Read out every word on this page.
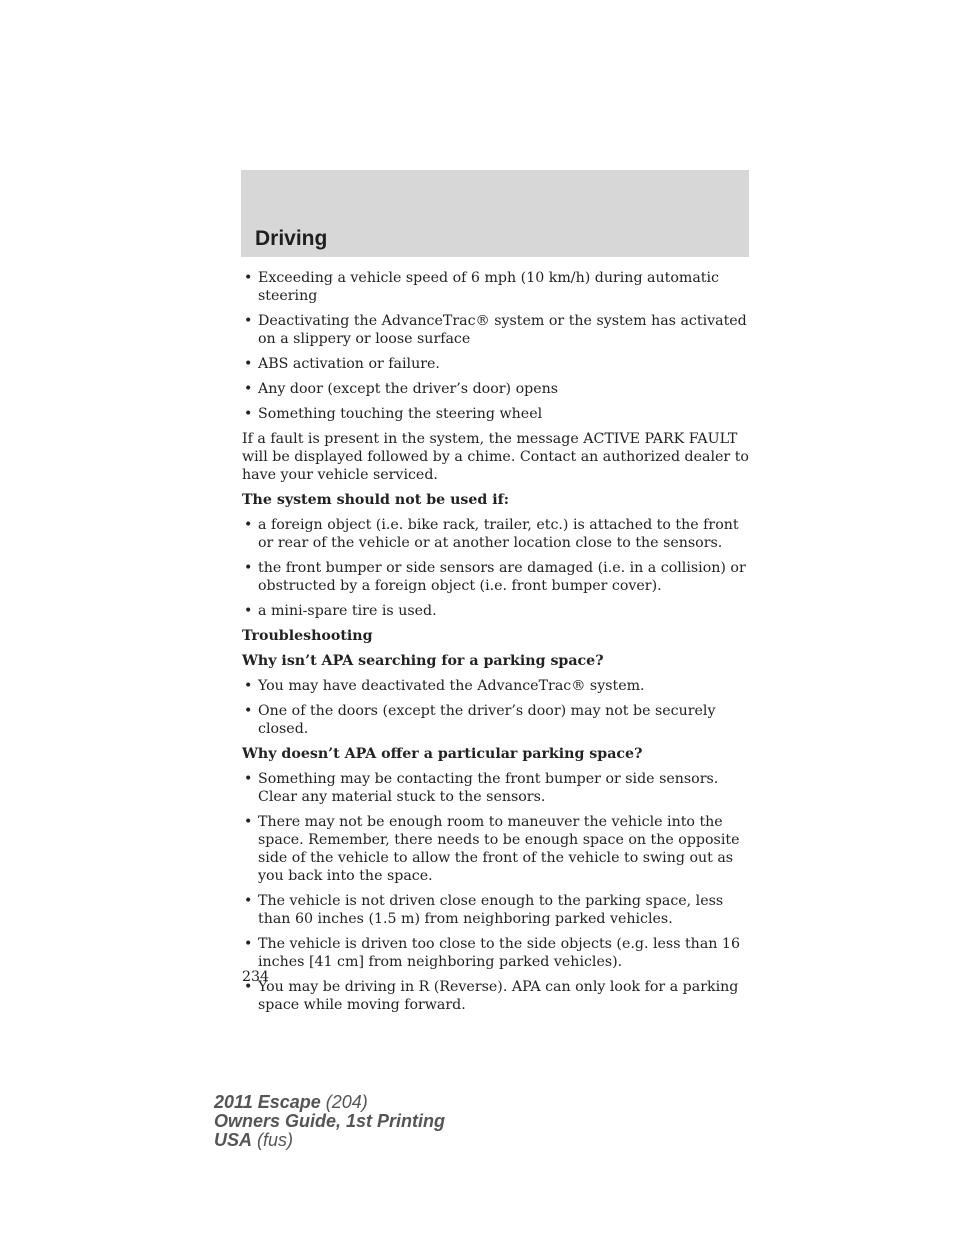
Driving
• Exceeding a vehicle speed of 6 mph (10 km/h) during automatic steering
• Deactivating the AdvanceTrac® system or the system has activated on a slippery or loose surface
• ABS activation or failure.
• Any door (except the driver’s door) opens
• Something touching the steering wheel
If a fault is present in the system, the message ACTIVE PARK FAULT will be displayed followed by a chime. Contact an authorized dealer to have your vehicle serviced.
The system should not be used if:
• a foreign object (i.e. bike rack, trailer, etc.) is attached to the front or rear of the vehicle or at another location close to the sensors.
• the front bumper or side sensors are damaged (i.e. in a collision) or obstructed by a foreign object (i.e. front bumper cover).
• a mini-spare tire is used.
Troubleshooting
Why isn’t APA searching for a parking space?
• You may have deactivated the AdvanceTrac® system.
• One of the doors (except the driver’s door) may not be securely closed.
Why doesn’t APA offer a particular parking space?
• Something may be contacting the front bumper or side sensors. Clear any material stuck to the sensors.
• There may not be enough room to maneuver the vehicle into the space. Remember, there needs to be enough space on the opposite side of the vehicle to allow the front of the vehicle to swing out as you back into the space.
• The vehicle is not driven close enough to the parking space, less than 60 inches (1.5 m) from neighboring parked vehicles.
• The vehicle is driven too close to the side objects (e.g. less than 16 inches [41 cm] from neighboring parked vehicles).
• You may be driving in R (Reverse). APA can only look for a parking space while moving forward.
234
2011 Escape (204)
Owners Guide, 1st Printing
USA (fus)
